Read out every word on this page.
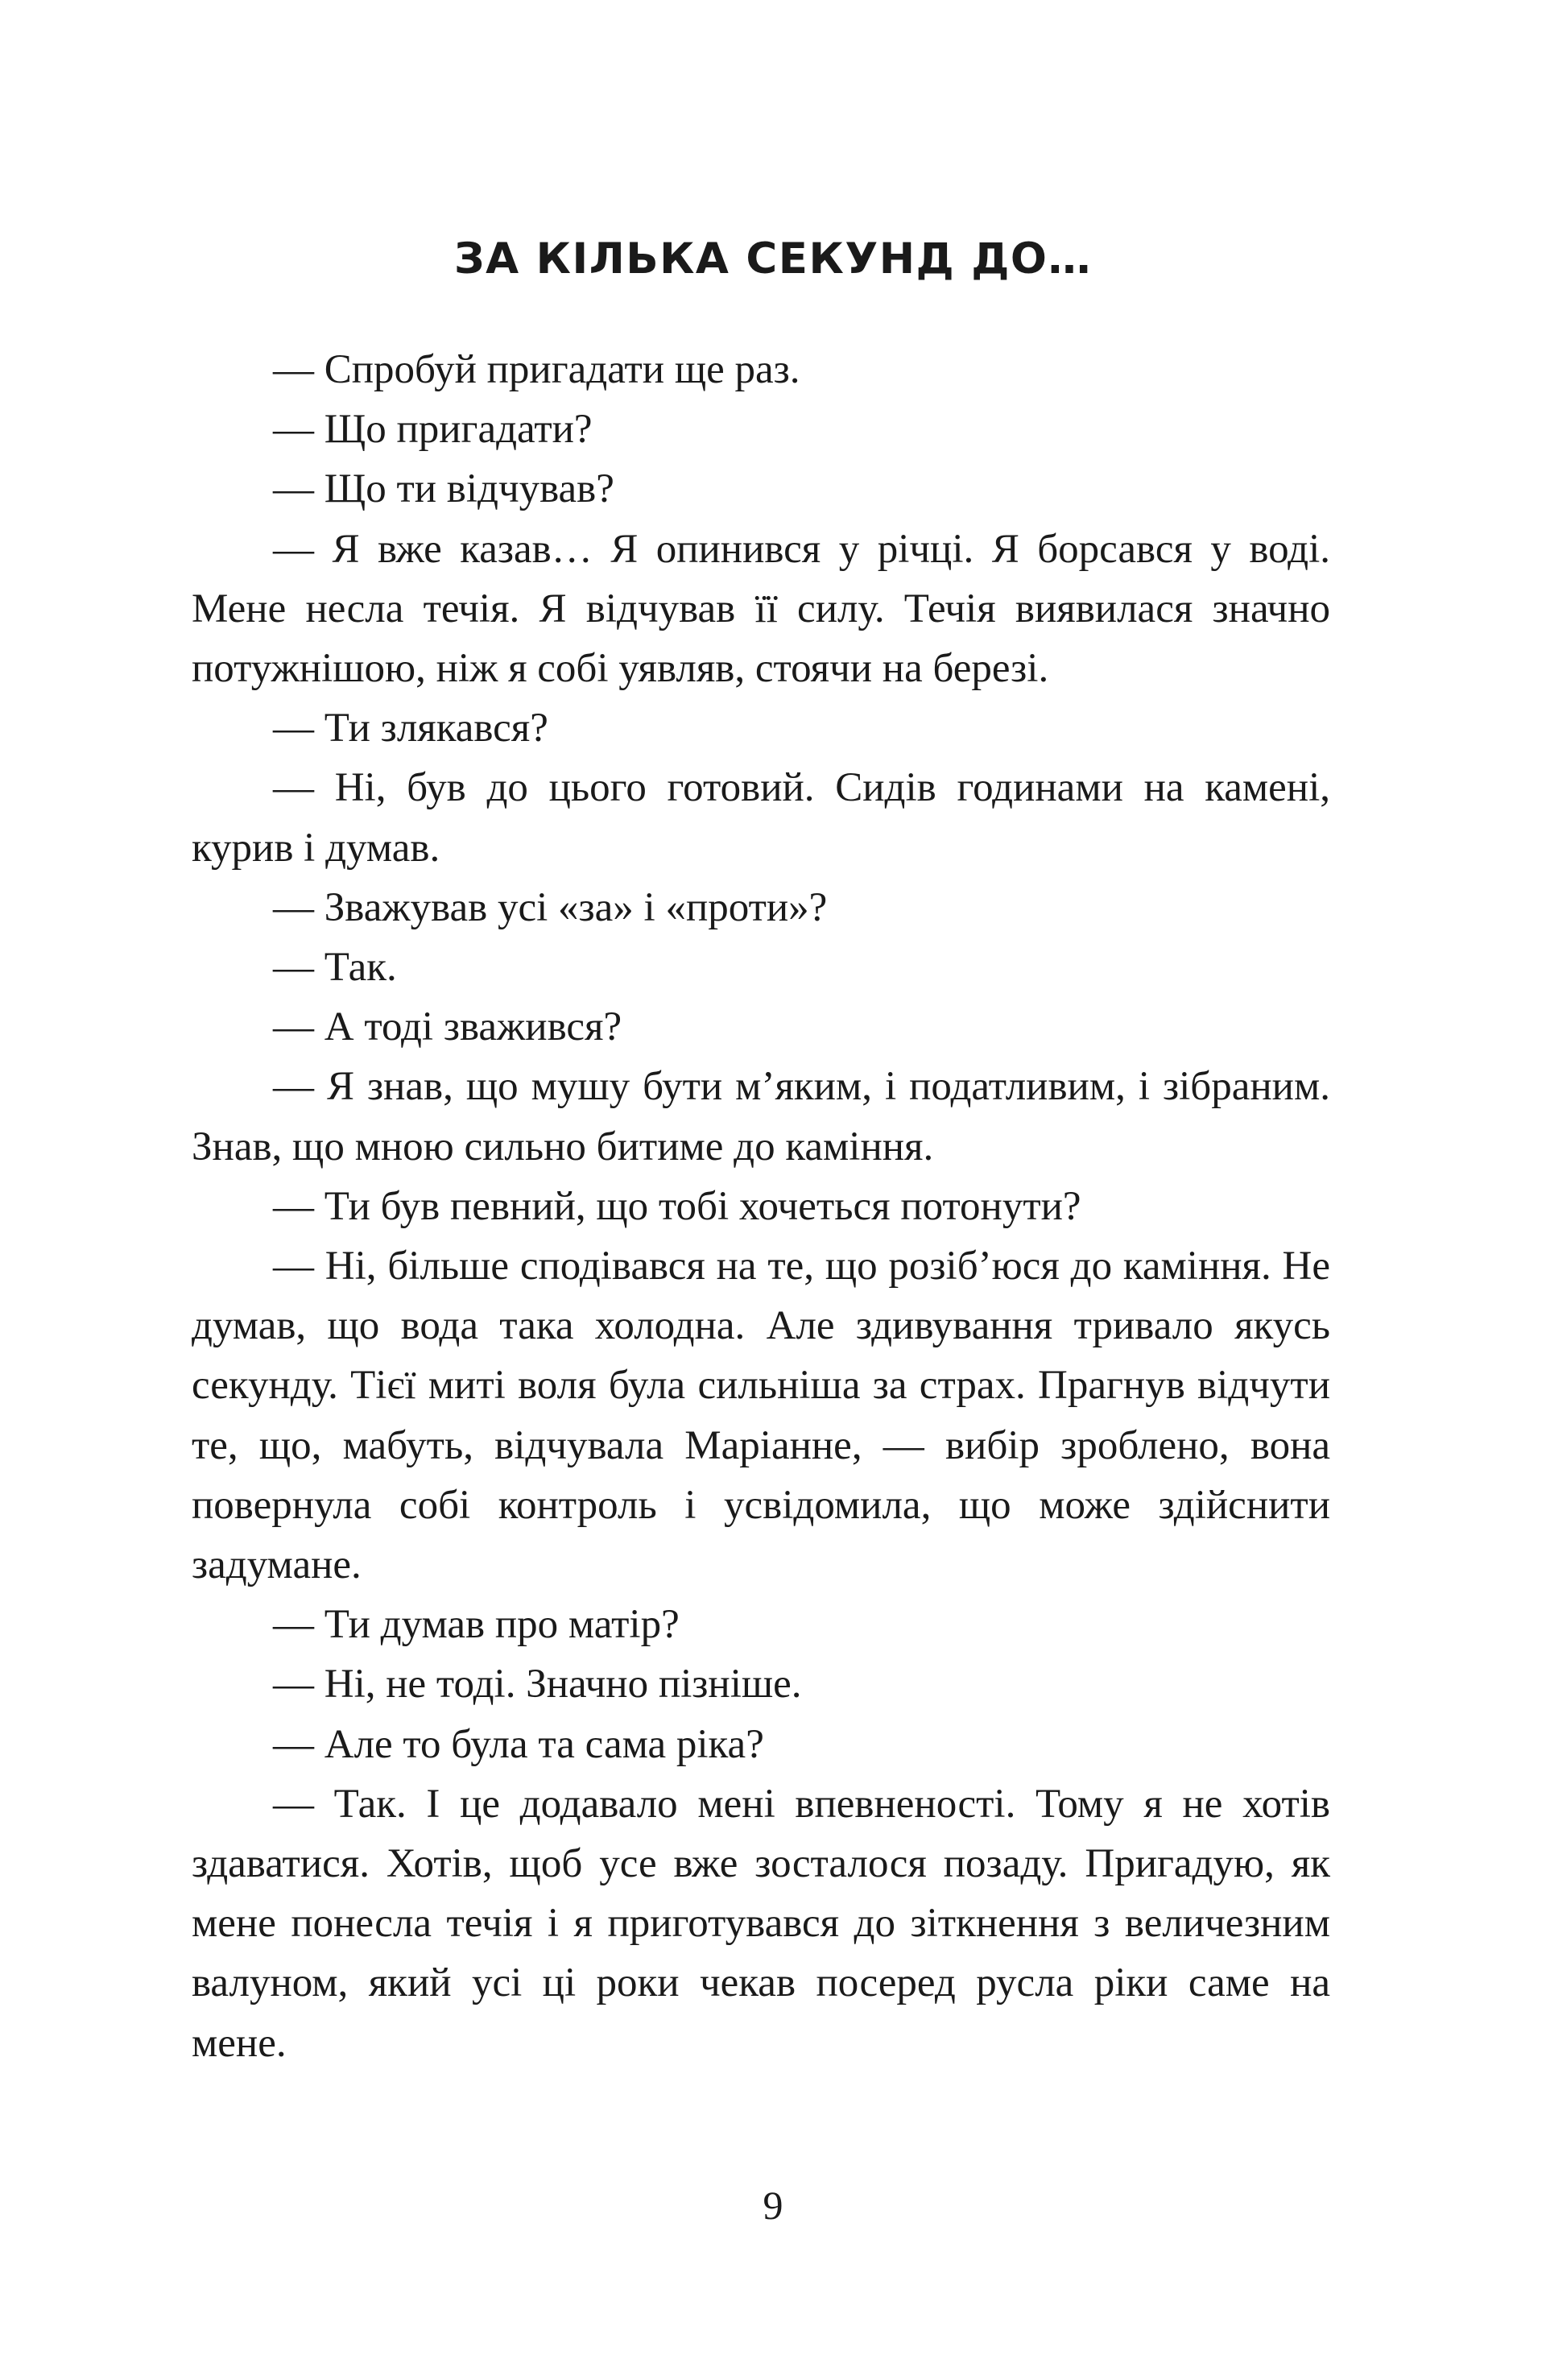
ЗА КІЛЬКА СЕКУНД ДО…

— Спробуй пригадати ще раз.

— Що пригадати?

— Що ти відчував?

— Я вже казав… Я опинився у річці. Я борсався у воді. Мене несла течія. Я відчував її силу. Течія виявилася значно потужнішою, ніж я собі уявляв, стоячи на березі.

— Ти злякався?

— Ні, був до цього готовий. Сидів годинами на камені, курив і думав.

— Зважував усі «за» і «проти»?

— Так.

— А тоді зважився?

— Я знав, що мушу бути м’яким, і податливим, і зібраним. Знав, що мною сильно битиме до каміння.

— Ти був певний, що тобі хочеться потонути?

— Ні, більше сподівався на те, що розіб’юся до каміння. Не думав, що вода така холодна. Але здивування тривало якусь секунду. Тієї миті воля була сильніша за страх. Прагнув відчути те, що, мабуть, відчувала Маріанне, — вибір зроблено, вона повернула собі контроль і усвідомила, що може здійснити задумане.

— Ти думав про матір?

— Ні, не тоді. Значно пізніше.

— Але то була та сама ріка?

— Так. І це додавало мені впевненості. Тому я не хотів здаватися. Хотів, щоб усе вже зосталося позаду. Пригадую, як мене понесла течія і я приготувався до зіткнення з величезним валуном, який усі ці роки чекав посеред русла ріки саме на мене.

9
